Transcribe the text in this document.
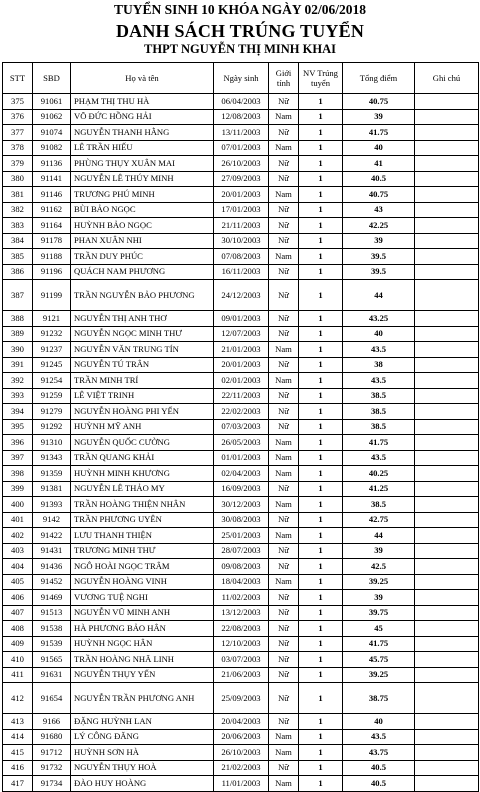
TUYỂN SINH 10 KHÓA NGÀY 02/06/2018
DANH SÁCH TRÚNG TUYỂN
THPT NGUYỄN THỊ MINH KHAI
STT	SBD	Họ và tên	Ngày sinh	Giới tính	NV Trúng tuyển	Tổng điểm	Ghi chú
375	91061	PHẠM THỊ THU HÀ	06/04/2003	Nữ	1	40.75	
376	91062	VÕ ĐỨC HỒNG HẢI	12/08/2003	Nam	1	39	
377	91074	NGUYỄN THANH HẰNG	13/11/2003	Nữ	1	41.75	
378	91082	LÊ TRẦN HIẾU	07/01/2003	Nam	1	40	
379	91136	PHÙNG THỤY XUÂN MAI	26/10/2003	Nữ	1	41	
380	91141	NGUYỄN LÊ THÚY MINH	27/09/2003	Nữ	1	40.5	
381	91146	TRƯƠNG PHÚ MINH	20/01/2003	Nam	1	40.75	
382	91162	BÙI BẢO NGỌC	17/01/2003	Nữ	1	43	
383	91164	HUỲNH BẢO NGỌC	21/11/2003	Nữ	1	42.25	
384	91178	PHAN XUÂN NHI	30/10/2003	Nữ	1	39	
385	91188	TRẦN DUY PHÚC	07/08/2003	Nam	1	39.5	
386	91196	QUÁCH NAM PHƯƠNG	16/11/2003	Nữ	1	39.5	
387	91199	TRẦN NGUYỄN BẢO PHƯƠNG	24/12/2003	Nữ	1	44	
388	9121	NGUYỄN THỊ ANH THƠ	09/01/2003	Nữ	1	43.25	
389	91232	NGUYỄN NGỌC MINH THƯ	12/07/2003	Nữ	1	40	
390	91237	NGUYỄN VĂN TRUNG TÍN	21/01/2003	Nam	1	43.5	
391	91245	NGUYỄN TÚ TRÂN	20/01/2003	Nữ	1	38	
392	91254	TRẦN MINH TRÍ	02/01/2003	Nam	1	43.5	
393	91259	LÊ VIỆT TRINH	22/11/2003	Nữ	1	38.5	
394	91279	NGUYỄN HOÀNG PHI YẾN	22/02/2003	Nữ	1	38.5	
395	91292	HUỲNH MỸ ANH	07/03/2003	Nữ	1	38.5	
396	91310	NGUYỄN QUỐC CƯỜNG	26/05/2003	Nam	1	41.75	
397	91343	TRẦN QUANG KHẢI	01/01/2003	Nam	1	43.5	
398	91359	HUỲNH MINH KHƯƠNG	02/04/2003	Nam	1	40.25	
399	91381	NGUYỄN LÊ THẢO MY	16/09/2003	Nữ	1	41.25	
400	91393	TRẦN HOÀNG THIỆN NHÂN	30/12/2003	Nam	1	38.5	
401	9142	TRẦN PHƯƠNG UYÊN	30/08/2003	Nữ	1	42.75	
402	91422	LƯU THANH THIỆN	25/01/2003	Nam	1	44	
403	91431	TRƯƠNG MINH THƯ	28/07/2003	Nữ	1	39	
404	91436	NGÔ HOÀI NGỌC TRÂM	09/08/2003	Nữ	1	42.5	
405	91452	NGUYỄN HOÀNG VINH	18/04/2003	Nam	1	39.25	
406	91469	VƯƠNG TUỆ NGHI	11/02/2003	Nữ	1	39	
407	91513	NGUYỄN VŨ MINH ANH	13/12/2003	Nữ	1	39.75	
408	91538	HÀ PHƯƠNG BẢO HÂN	22/08/2003	Nữ	1	45	
409	91539	HUỲNH NGỌC HÂN	12/10/2003	Nữ	1	41.75	
410	91565	TRẦN HOÀNG NHÃ LINH	03/07/2003	Nữ	1	45.75	
411	91631	NGUYỄN THỤY YẾN	21/06/2003	Nữ	1	39.25	
412	91654	NGUYỄN TRẦN PHƯƠNG ANH	25/09/2003	Nữ	1	38.75	
413	9166	ĐẶNG HUỲNH LAN	20/04/2003	Nữ	1	40	
414	91680	LÝ CÔNG ĐĂNG	20/06/2003	Nam	1	43.5	
415	91712	HUỲNH SƠN HÀ	26/10/2003	Nam	1	43.75	
416	91732	NGUYỄN THỤY HOÀ	21/02/2003	Nữ	1	40.5	
417	91734	ĐÀO HUY HOÀNG	11/01/2003	Nam	1	40.5	
